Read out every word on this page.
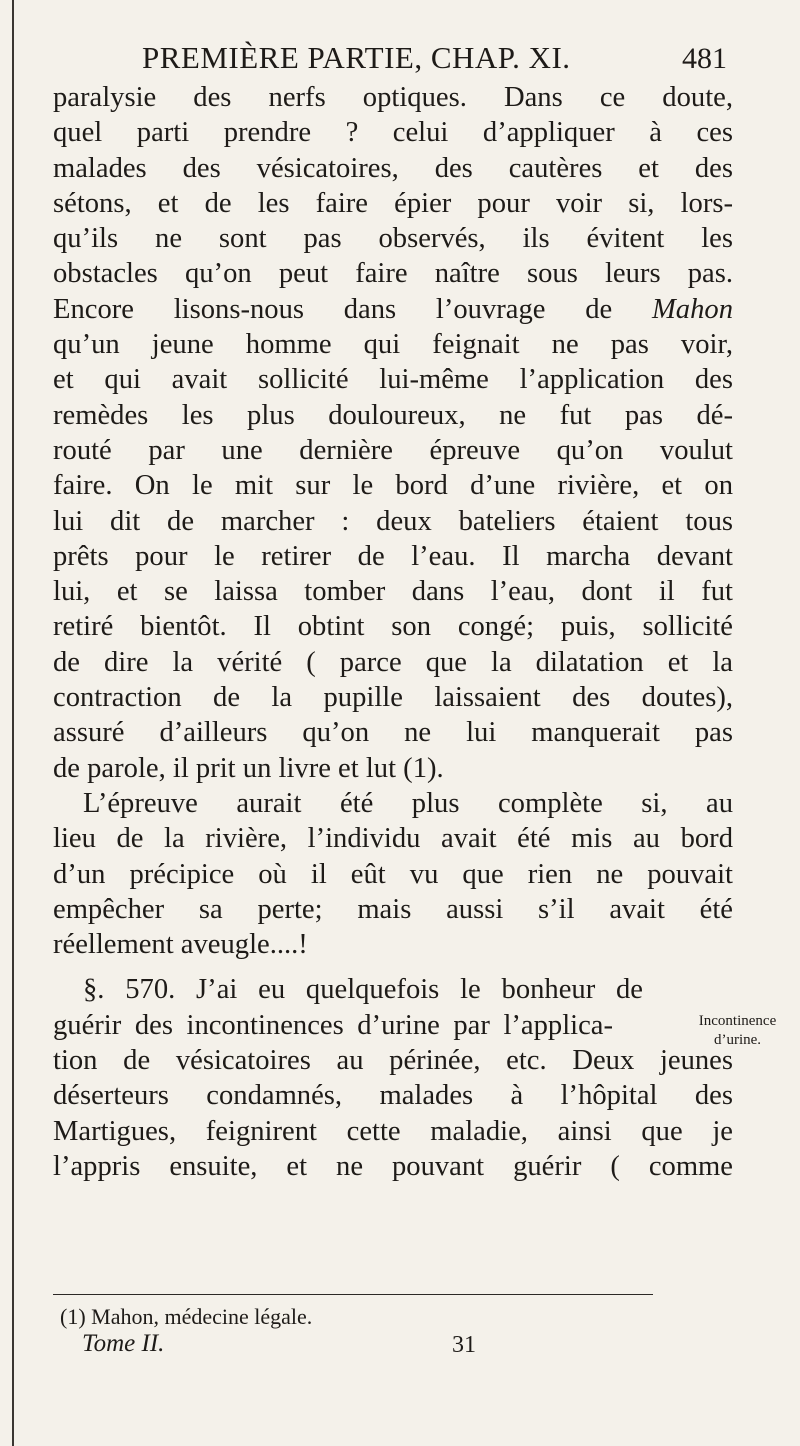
PREMIÈRE PARTIE, CHAP. XI.	481
paralysie des nerfs optiques. Dans ce doute,
quel parti prendre ? celui d’appliquer à ces
malades des vésicatoires, des cautères et des
sétons, et de les faire épier pour voir si, lors-
qu’ils ne sont pas observés, ils évitent les
obstacles qu’on peut faire naître sous leurs pas.
Encore lisons-nous dans l’ouvrage de Mahon
qu’un jeune homme qui feignait ne pas voir,
et qui avait sollicité lui-même l’application des
remèdes les plus douloureux, ne fut pas dé-
routé par une dernière épreuve qu’on voulut
faire. On le mit sur le bord d’une rivière, et on
lui dit de marcher : deux bateliers étaient tous
prêts pour le retirer de l’eau. Il marcha devant
lui, et se laissa tomber dans l’eau, dont il fut
retiré bientôt. Il obtint son congé; puis, sollicité
de dire la vérité ( parce que la dilatation et la
contraction de la pupille laissaient des doutes),
assuré d’ailleurs qu’on ne lui manquerait pas
de parole, il prit un livre et lut (1).
L’épreuve aurait été plus complète si, au
lieu de la rivière, l’individu avait été mis au bord
d’un précipice où il eût vu que rien ne pouvait
empêcher sa perte; mais aussi s’il avait été
réellement aveugle....!
§. 570. J’ai eu quelquefois le bonheur de
guérir des incontinences d’urine par l’applica-
tion de vésicatoires au périnée, etc. Deux jeunes
déserteurs condamnés, malades à l’hôpital des
Martigues, feignirent cette maladie, ainsi que je
l’appris ensuite, et ne pouvant guérir ( comme
Incontinence
d’urine.
(1) Mahon, médecine légale.
Tome II.	31
